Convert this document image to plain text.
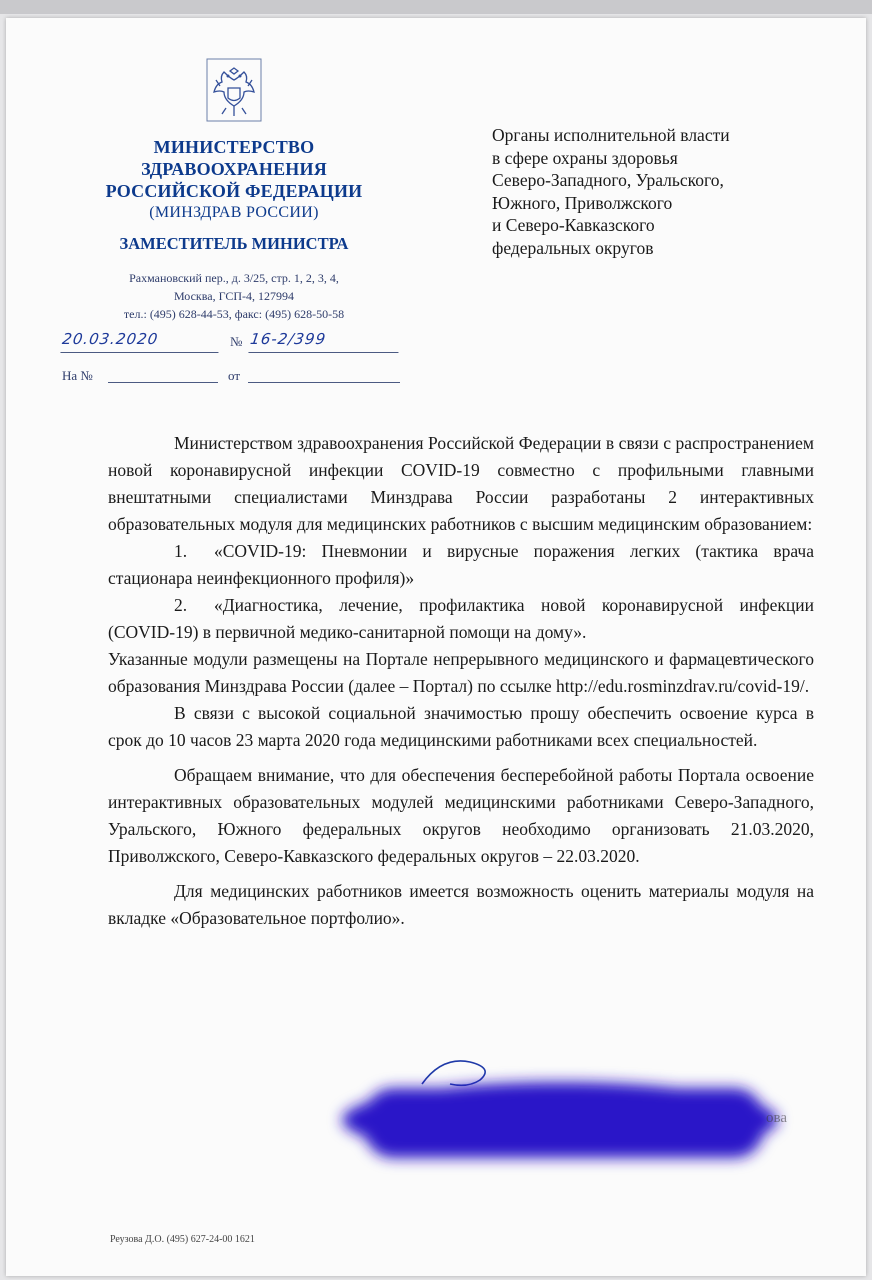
МИНИСТЕРСТВО
ЗДРАВООХРАНЕНИЯ
РОССИЙСКОЙ ФЕДЕРАЦИИ
(МИНЗДРАВ РОССИИ)
ЗАМЕСТИТЕЛЬ МИНИСТРА
Рахмановский пер., д. 3/25, стр. 1, 2, 3, 4,
Москва, ГСП-4, 127994
тел.: (495) 628-44-53, факс: (495) 628-50-58
20.03.2020	№ 16-2/399
На №	от
Органы исполнительной власти
в сфере охраны здоровья
Северо-Западного, Уральского,
Южного, Приволжского
и Северо-Кавказского
федеральных округов

Министерством здравоохранения Российской Федерации в связи с распространением новой коронавирусной инфекции COVID-19 совместно с профильными главными внештатными специалистами Минздрава России разработаны 2 интерактивных образовательных модуля для медицинских работников с высшим медицинским образованием:

1. «COVID-19: Пневмонии и вирусные поражения легких (тактика врача стационара неинфекционного профиля)»

2. «Диагностика, лечение, профилактика новой коронавирусной инфекции (COVID-19) в первичной медико-санитарной помощи на дому».

Указанные модули размещены на Портале непрерывного медицинского и фармацевтического образования Минздрава России (далее – Портал) по ссылке http://edu.rosminzdrav.ru/covid-19/.

В связи с высокой социальной значимостью прошу обеспечить освоение курса в срок до 10 часов 23 марта 2020 года медицинскими работниками всех специальностей.

Обращаем внимание, что для обеспечения бесперебойной работы Портала освоение интерактивных образовательных модулей медицинскими работниками Северо-Западного, Уральского, Южного федеральных округов необходимо организовать 21.03.2020, Приволжского, Северо-Кавказского федеральных округов – 22.03.2020.

Для медицинских работников имеется возможность оценить материалы модуля на вкладке «Образовательное портфолио».

ова
Реузова Д.О. (495) 627-24-00 1621
